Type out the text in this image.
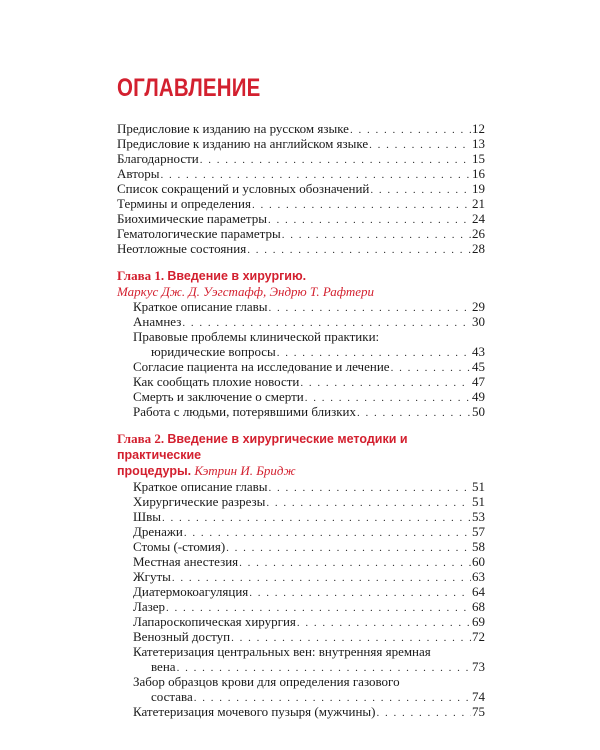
ОГЛАВЛЕНИЕ
Предисловие к изданию на русском языке . . .	12
Предисловие к изданию на английском языке . . .	13
Благодарности . . .	15
Авторы . . .	16
Список сокращений и условных обозначений . . .	19
Термины и определения . . .	21
Биохимические параметры . . .	24
Гематологические параметры . . .	26
Неотложные состояния . . .	28
Глава 1. Введение в хирургию.
Маркус Дж. Д. Уэгстафф, Эндрю Т. Рафтери
Краткое описание главы . . .	29
Анамнез . . .	30
Правовые проблемы клинической практики:
юридические вопросы . . .	43
Согласие пациента на исследование и лечение . . .	45
Как сообщать плохие новости . . .	47
Смерть и заключение о смерти . . .	49
Работа с людьми, потерявшими близких . . .	50
Глава 2. Введение в хирургические методики и практические
процедуры. Кэтрин И. Бридж
Краткое описание главы . . .	51
Хирургические разрезы . . .	51
Швы . . .	53
Дренажи . . .	57
Стомы (-стомия) . . .	58
Местная анестезия . . .	60
Жгуты . . .	63
Диатермокоагуляция . . .	64
Лазер . . .	68
Лапароскопическая хирургия . . .	69
Венозный доступ . . .	72
Катетеризация центральных вен: внутренняя яремная
вена . . .	73
Забор образцов крови для определения газового
состава . . .	74
Катетеризация мочевого пузыря (мужчины) . . .	75
